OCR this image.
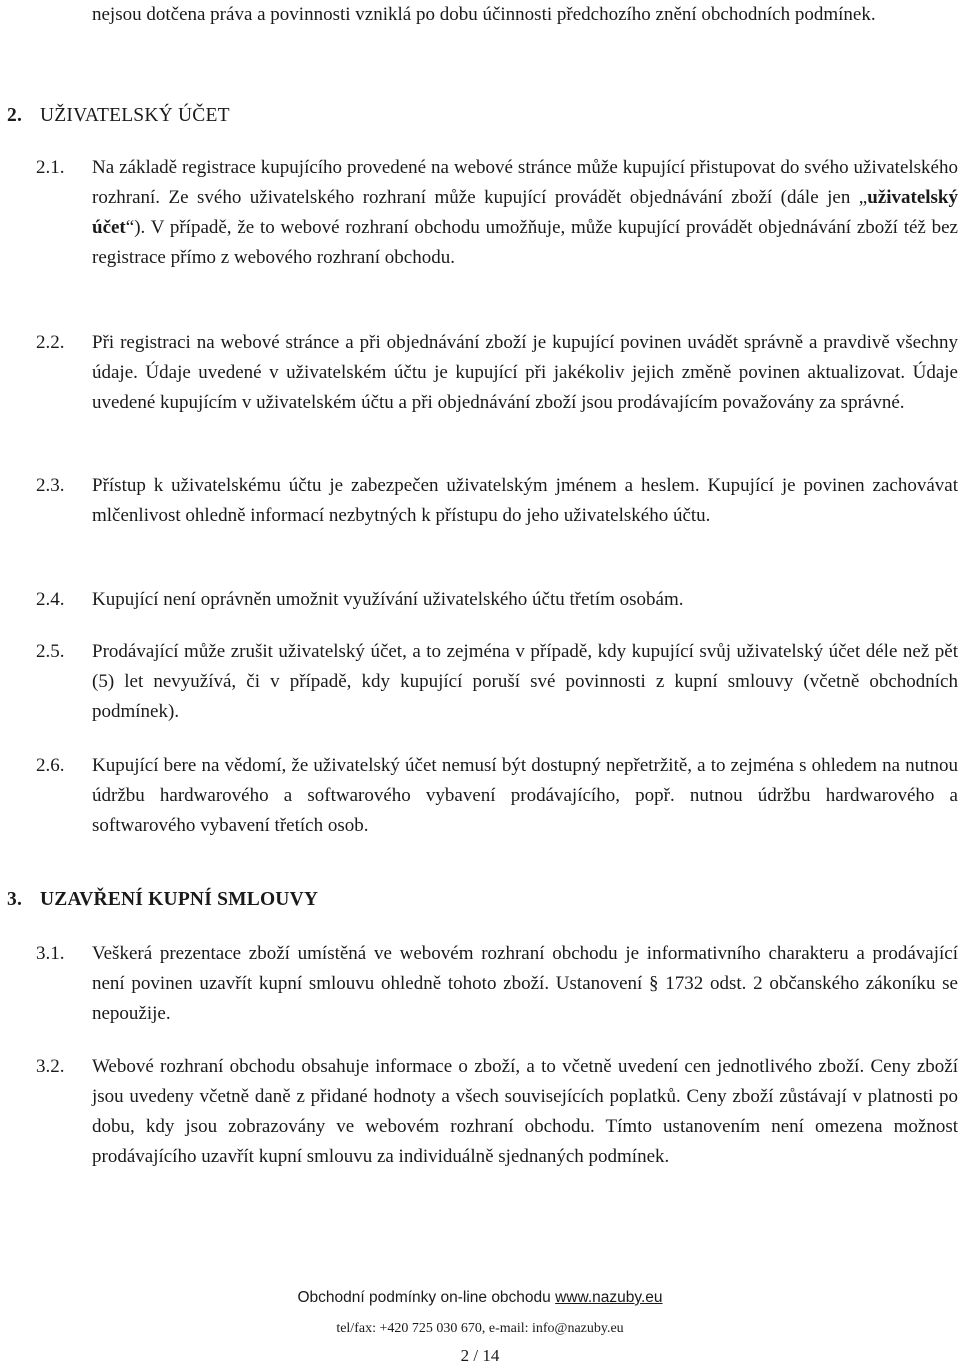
nejsou dotčena práva a povinnosti vzniklá po dobu účinnosti předchozího znění obchodních podmínek.

2. UŽIVATELSKÝ ÚČET

2.1. Na základě registrace kupujícího provedené na webové stránce může kupující přistupovat do svého uživatelského rozhraní. Ze svého uživatelského rozhraní může kupující provádět objednávání zboží (dále jen „uživatelský účet“). V případě, že to webové rozhraní obchodu umožňuje, může kupující provádět objednávání zboží též bez registrace přímo z webového rozhraní obchodu.

2.2. Při registraci na webové stránce a při objednávání zboží je kupující povinen uvádět správně a pravdivě všechny údaje. Údaje uvedené v uživatelském účtu je kupující při jakékoliv jejich změně povinen aktualizovat. Údaje uvedené kupujícím v uživatelském účtu a při objednávání zboží jsou prodávajícím považovány za správné.

2.3. Přístup k uživatelskému účtu je zabezpečen uživatelským jménem a heslem. Kupující je povinen zachovávat mlčenlivost ohledně informací nezbytných k přístupu do jeho uživatelského účtu.

2.4. Kupující není oprávněn umožnit využívání uživatelského účtu třetím osobám.

2.5. Prodávající může zrušit uživatelský účet, a to zejména v případě, kdy kupující svůj uživatelský účet déle než pět (5) let nevyužívá, či v případě, kdy kupující poruší své povinnosti z kupní smlouvy (včetně obchodních podmínek).

2.6. Kupující bere na vědomí, že uživatelský účet nemusí být dostupný nepřetržitě, a to zejména s ohledem na nutnou údržbu hardwarového a softwarového vybavení prodávajícího, popř. nutnou údržbu hardwarového a softwarového vybavení třetích osob.

3. UZAVŘENÍ KUPNÍ SMLOUVY

3.1. Veškerá prezentace zboží umístěná ve webovém rozhraní obchodu je informativního charakteru a prodávající není povinen uzavřít kupní smlouvu ohledně tohoto zboží. Ustanovení § 1732 odst. 2 občanského zákoníku se nepoužije.

3.2. Webové rozhraní obchodu obsahuje informace o zboží, a to včetně uvedení cen jednotlivého zboží. Ceny zboží jsou uvedeny včetně daně z přidané hodnoty a všech souvisejících poplatků. Ceny zboží zůstávají v platnosti po dobu, kdy jsou zobrazovány ve webovém rozhraní obchodu. Tímto ustanovením není omezena možnost prodávajícího uzavřít kupní smlouvu za individuálně sjednaných podmínek.

Obchodní podmínky on-line obchodu www.nazuby.eu
tel/fax: +420 725 030 670, e-mail: info@nazuby.eu
2 / 14
